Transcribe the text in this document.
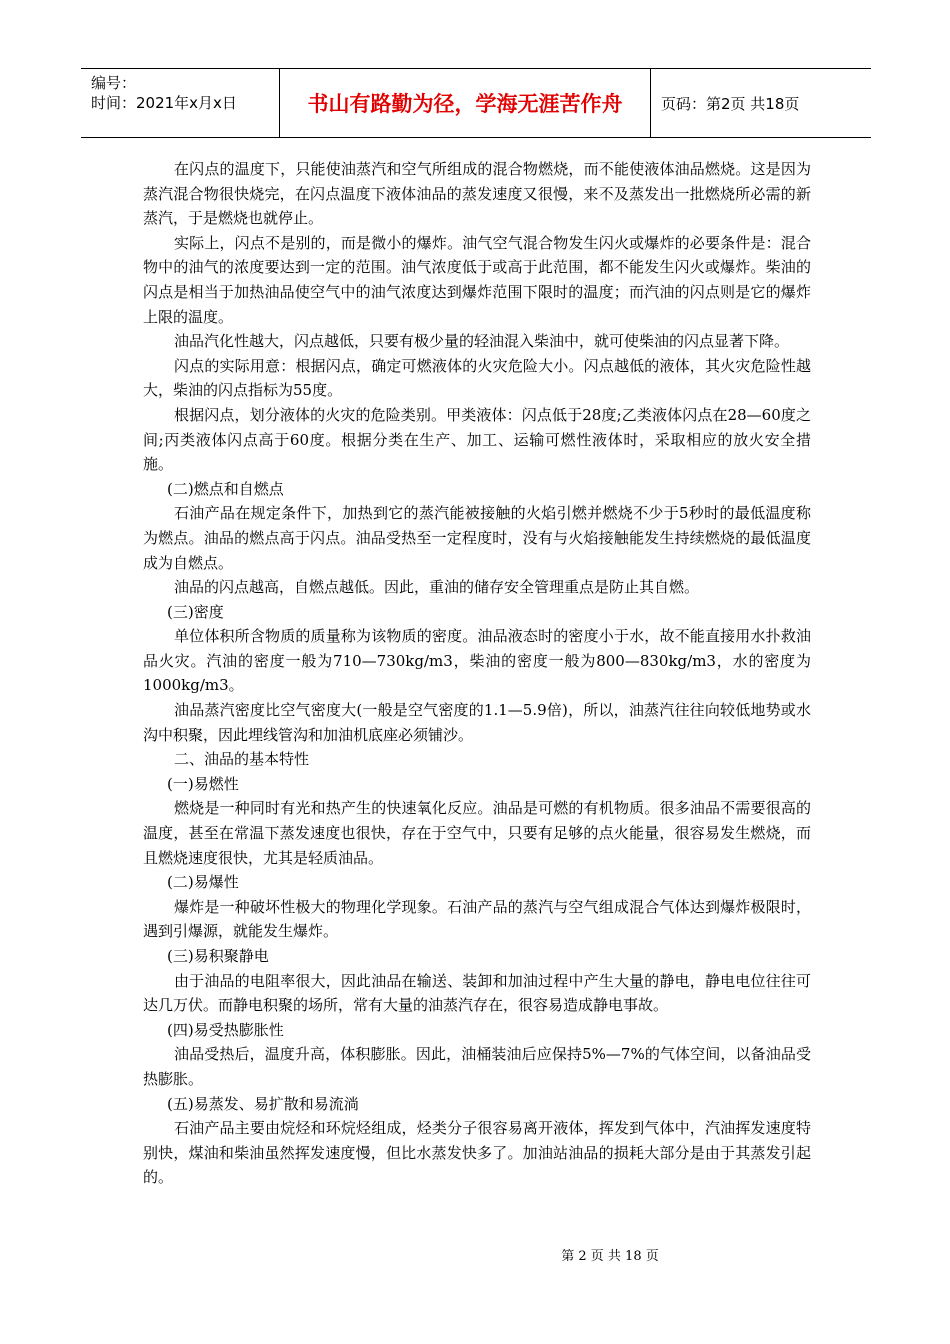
编号：
时间：2021年x月x日	书山有路勤为径，学海无涯苦作舟	页码：第2页 共18页

在闪点的温度下，只能使油蒸汽和空气所组成的混合物燃烧，而不能使液体油品燃烧。这是因为蒸汽混合物很快烧完，在闪点温度下液体油品的蒸发速度又很慢，来不及蒸发出一批燃烧所必需的新蒸汽，于是燃烧也就停止。

实际上，闪点不是别的，而是微小的爆炸。油气空气混合物发生闪火或爆炸的必要条件是：混合物中的油气的浓度要达到一定的范围。油气浓度低于或高于此范围，都不能发生闪火或爆炸。柴油的闪点是相当于加热油品使空气中的油气浓度达到爆炸范围下限时的温度；而汽油的闪点则是它的爆炸上限的温度。

油品汽化性越大，闪点越低，只要有极少量的轻油混入柴油中，就可使柴油的闪点显著下降。

闪点的实际用意：根据闪点，确定可燃液体的火灾危险大小。闪点越低的液体，其火灾危险性越大，柴油的闪点指标为55度。

根据闪点，划分液体的火灾的危险类别。甲类液体：闪点低于28度;乙类液体闪点在28—60度之间;丙类液体闪点高于60度。根据分类在生产、加工、运输可燃性液体时，采取相应的放火安全措施。

(二)燃点和自燃点

石油产品在规定条件下，加热到它的蒸汽能被接触的火焰引燃并燃烧不少于5秒时的最低温度称为燃点。油品的燃点高于闪点。油品受热至一定程度时，没有与火焰接触能发生持续燃烧的最低温度成为自燃点。

油品的闪点越高，自燃点越低。因此，重油的储存安全管理重点是防止其自燃。

(三)密度

单位体积所含物质的质量称为该物质的密度。油品液态时的密度小于水，故不能直接用水扑救油品火灾。汽油的密度一般为710—730kg/m3，柴油的密度一般为800—830kg/m3，水的密度为1000kg/m3。

油品蒸汽密度比空气密度大(一般是空气密度的1.1—5.9倍)，所以，油蒸汽往往向较低地势或水沟中积聚，因此埋线管沟和加油机底座必须铺沙。

二、油品的基本特性

(一)易燃性

燃烧是一种同时有光和热产生的快速氧化反应。油品是可燃的有机物质。很多油品不需要很高的温度，甚至在常温下蒸发速度也很快，存在于空气中，只要有足够的点火能量，很容易发生燃烧，而且燃烧速度很快，尤其是轻质油品。

(二)易爆性

爆炸是一种破坏性极大的物理化学现象。石油产品的蒸汽与空气组成混合气体达到爆炸极限时，遇到引爆源，就能发生爆炸。

(三)易积聚静电

由于油品的电阻率很大，因此油品在输送、装卸和加油过程中产生大量的静电，静电电位往往可达几万伏。而静电积聚的场所，常有大量的油蒸汽存在，很容易造成静电事故。

(四)易受热膨胀性

油品受热后，温度升高，体积膨胀。因此，油桶装油后应保持5%—7%的气体空间，以备油品受热膨胀。

(五)易蒸发、易扩散和易流淌

石油产品主要由烷烃和环烷烃组成，烃类分子很容易离开液体，挥发到气体中，汽油挥发速度特别快，煤油和柴油虽然挥发速度慢，但比水蒸发快多了。加油站油品的损耗大部分是由于其蒸发引起的。

第 2 页 共 18 页
